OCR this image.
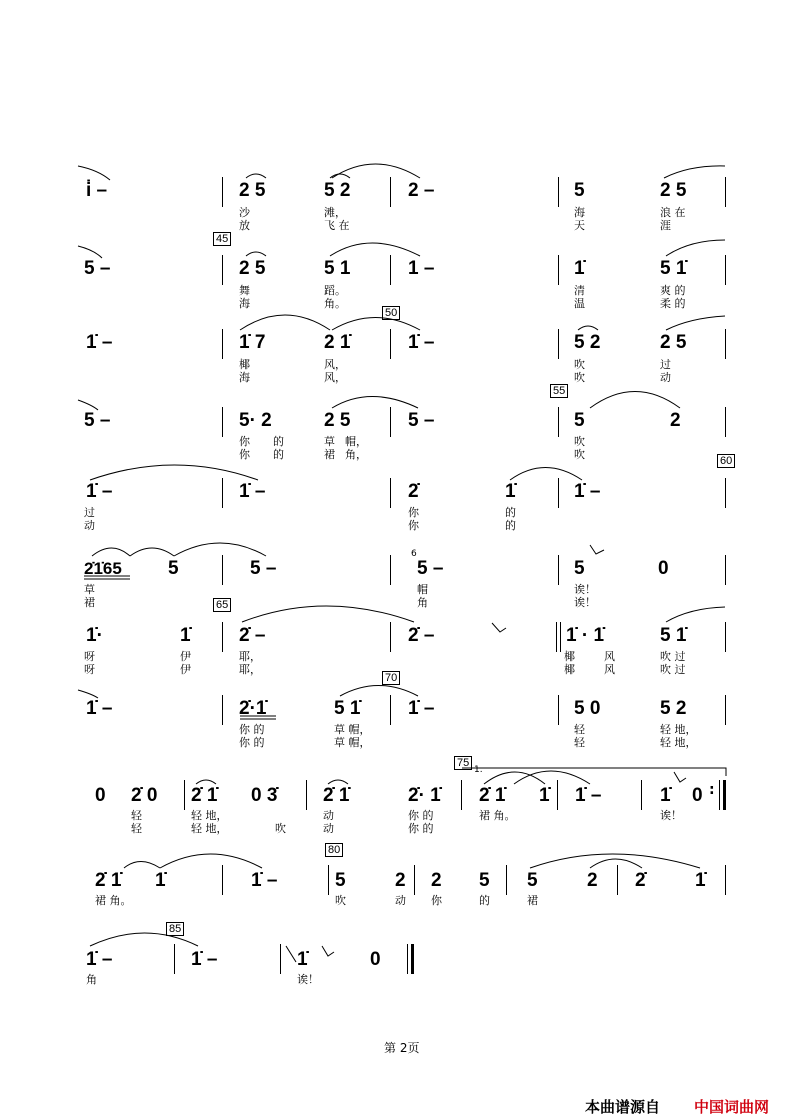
i̇ –	2 5	5 2	2 –	5	2 5
沙	滩，	海	浪 在
放	飞 在	天	涯
45
5 –	2 5	5 1	1 –	1̇	5 1̇
舞	蹈。	清	爽 的
海	角。	温	柔 的
50
1̇ –	1̇ 7	2 1̇	1̇ –	5 2	2 5
椰	风，	吹	过
海	风，	吹	动
55
5 –	5· 2	2 5	5 –	5	2
你 的	草 帽，	吹
你 的	裙 角，	吹	60
1̇ –	1̇ –	2̇	1̇	1̇ –
过	你	的
动	你	的
2̇1̇65 5	5 –
6
5 –	5	0
草	帽	诶！
裙	角	诶！
65
1̇·	1̇	2̇ –	2̇ –	1̇ · 1̇	5 1̇
呀	伊	耶，	椰	风	吹 过
呀	伊	耶，	椰	风	吹 过
70
1̇ –	2̇·1̇	5 1̇	1̇ –	5 0	5 2
你 的	草 帽，	轻	轻 地，
你 的	草 帽，	轻	轻 地，
75
1.
0 2̇ 0 2̇ 1̇ 0 3̇ 2̇ 1̇	2̇· 1̇ 2̇ 1̇ 1̇ 1̇ –	1̇ 0 :
轻	轻 地，	动	你 的	裙 角。	诶！
轻	轻 地，	吹	动	你 的
80
2̇ 1̇ 1̇	1̇ –	5	2 2 5 5	2 2̇	1̇
裙 角。	吹	动 你	的	裙
85
1̇ –	1̇ –	1̇	0
角	诶！
第 2页
本曲谱源自 中国词曲网
